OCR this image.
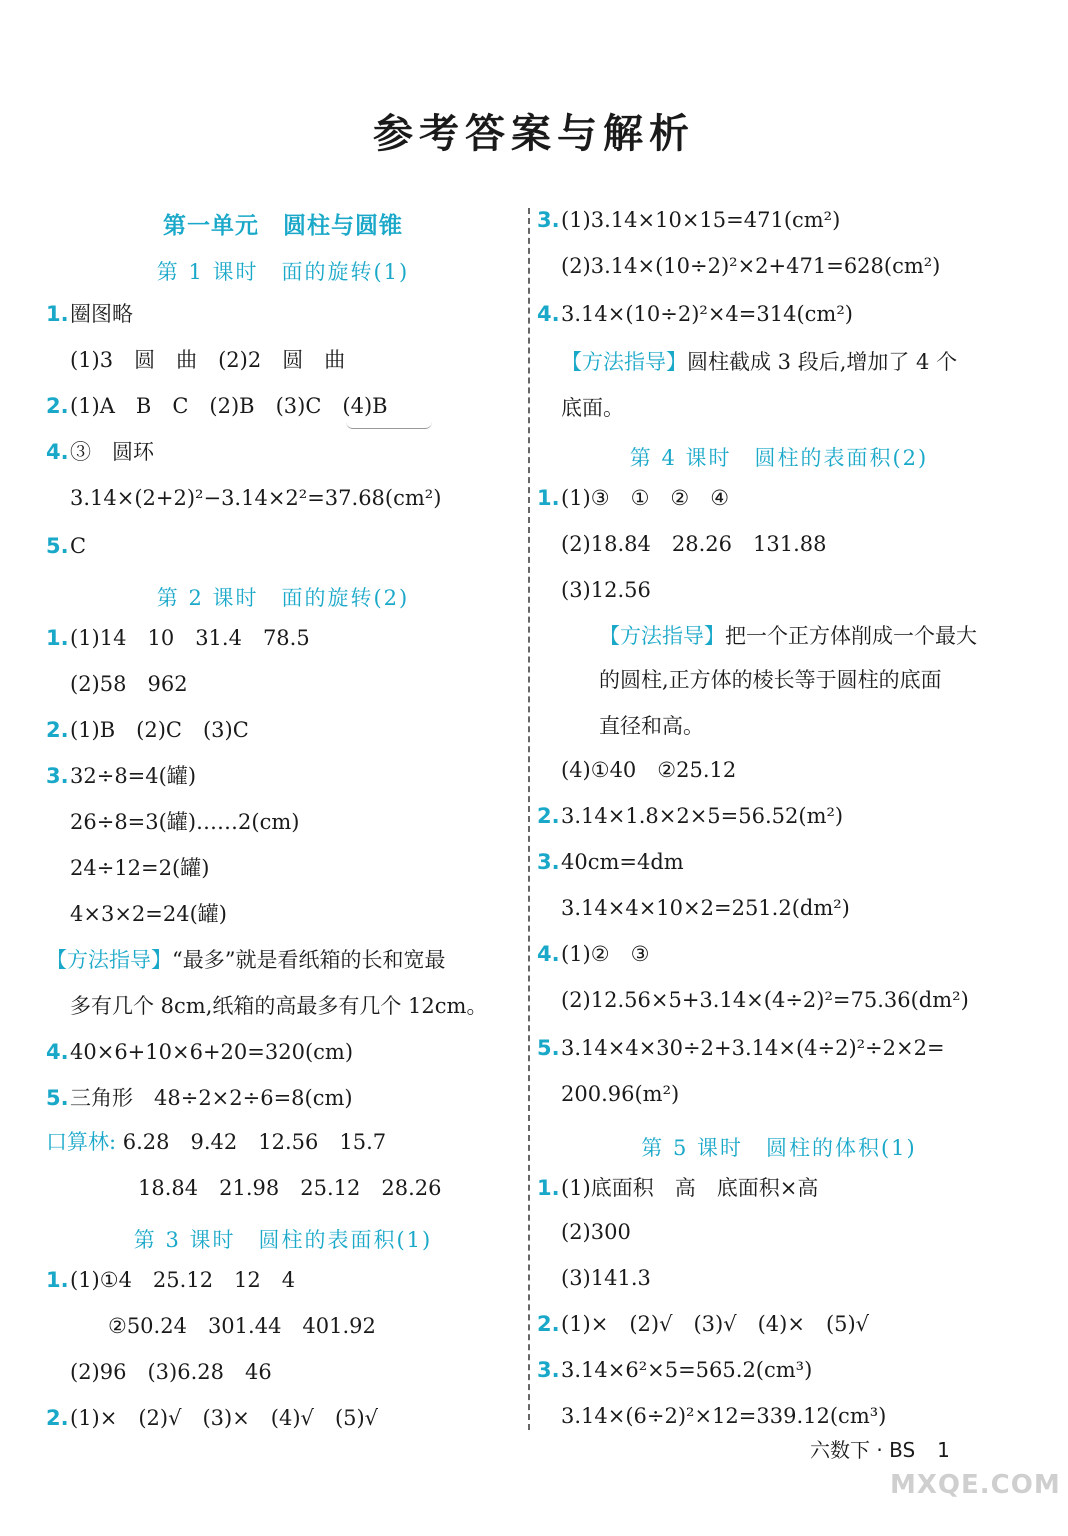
参考答案与解析
第一单元　圆柱与圆锥
第 1 课时　面的旋转(1)
1.圈图略
(1)3　圆　曲　(2)2　圆　曲
2.(1)A　B　C　(2)B　(3)C　(4)B
4.③　圆环
3.14×(2+2)²−3.14×2²=37.68(cm²)
5.C
第 2 课时　面的旋转(2)
1.(1)14　10　31.4　78.5
(2)58　962
2.(1)B　(2)C　(3)C
3.32÷8=4(罐)
26÷8=3(罐)……2(cm)
24÷12=2(罐)
4×3×2=24(罐)
【方法指导】“最多”就是看纸箱的长和宽最
多有几个 8cm,纸箱的高最多有几个 12cm。
4.40×6+10×6+20=320(cm)
5.三角形　48÷2×2÷6=8(cm)
口算林: 6.28　9.42　12.56　15.7
18.84　21.98　25.12　28.26
第 3 课时　圆柱的表面积(1)
1.(1)①4　25.12　12　4
②50.24　301.44　401.92
(2)96　(3)6.28　46
2.(1)×　(2)√　(3)×　(4)√　(5)√
3.(1)3.14×10×15=471(cm²)
(2)3.14×(10÷2)²×2+471=628(cm²)
4.3.14×(10÷2)²×4=314(cm²)
【方法指导】圆柱截成 3 段后,增加了 4 个
底面。
第 4 课时　圆柱的表面积(2)
1.(1)③　①　②　④
(2)18.84　28.26　131.88
(3)12.56
【方法指导】把一个正方体削成一个最大
的圆柱,正方体的棱长等于圆柱的底面
直径和高。
(4)①40　②25.12
2.3.14×1.8×2×5=56.52(m²)
3.40cm=4dm
3.14×4×10×2=251.2(dm²)
4.(1)②　③
(2)12.56×5+3.14×(4÷2)²=75.36(dm²)
5.3.14×4×30÷2+3.14×(4÷2)²÷2×2=
200.96(m²)
第 5 课时　圆柱的体积(1)
1.(1)底面积　高　底面积×高
(2)300
(3)141.3
2.(1)×　(2)√　(3)√　(4)×　(5)√
3.3.14×6²×5=565.2(cm³)
3.14×(6÷2)²×12=339.12(cm³)
六数下 · BS 1
MXQE.COM
